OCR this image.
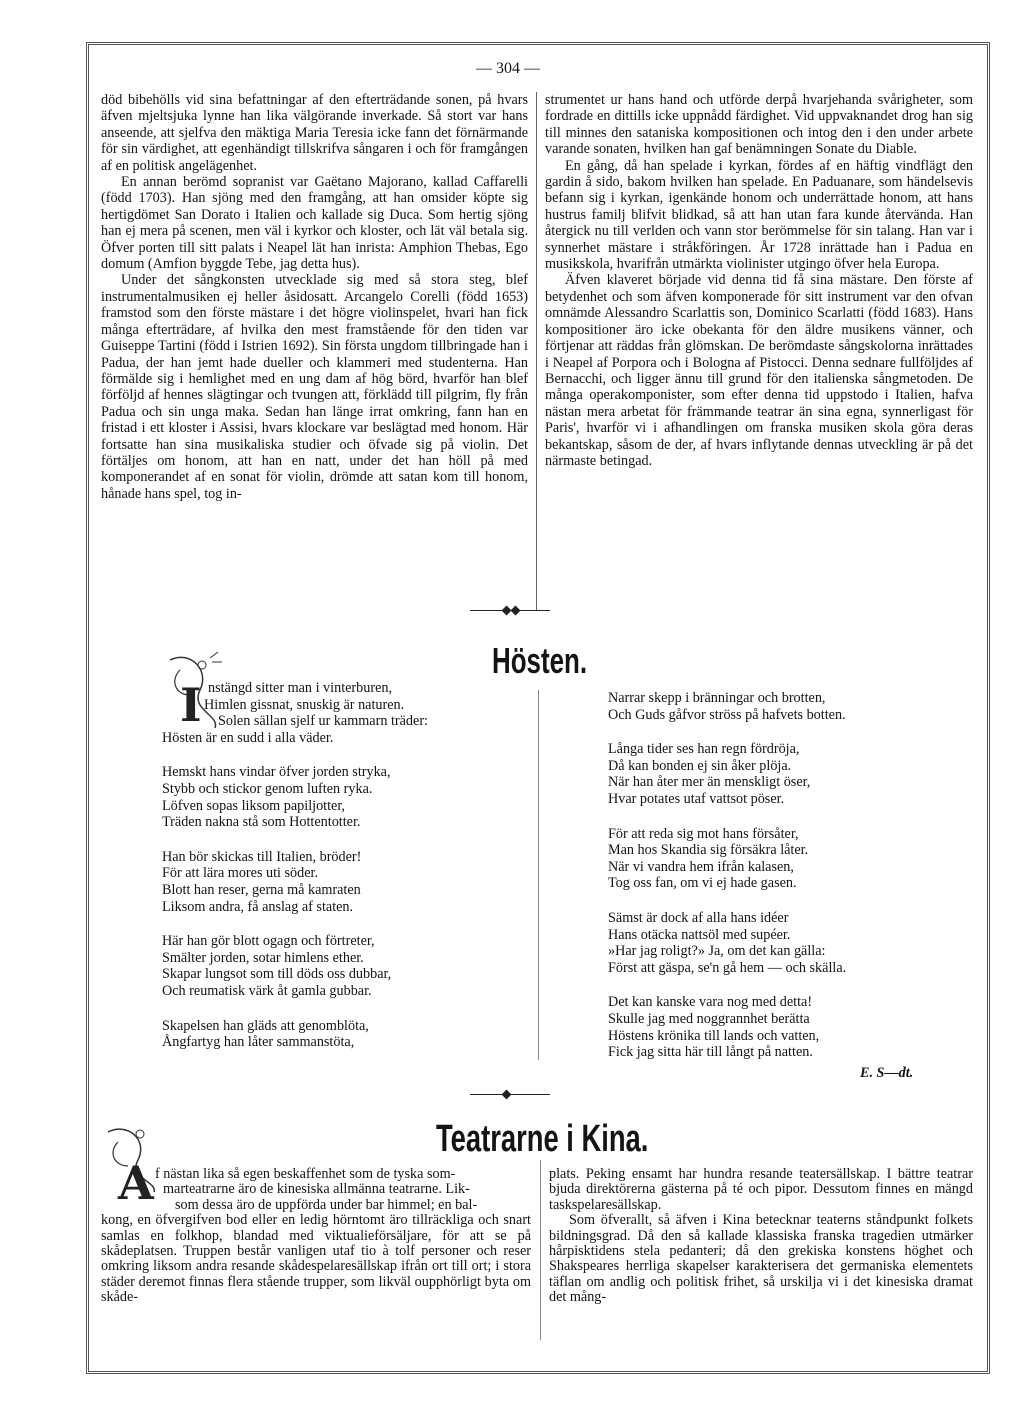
— 304 —

död bibehölls vid sina befattningar af den efterträdande sonen, på hvars äfven mjeltsjuka lynne han lika välgörande inverkade. Så stort var hans anseende, att sjelfva den mäktiga Maria Teresia icke fann det förnärmande för sin värdighet, att egenhändigt tillskrifva sångaren i och för framgången af en politisk angelägenhet.

En annan berömd sopranist var Gaëtano Majorano, kallad Caffarelli (född 1703). Han sjöng med den framgång, att han omsider köpte sig hertigdömet San Dorato i Italien och kallade sig Duca. Som hertig sjöng han ej mera på scenen, men väl i kyrkor och kloster, och lät väl betala sig. Öfver porten till sitt palats i Neapel lät han inrista: Amphion Thebas, Ego domum (Amfion byggde Tebe, jag detta hus).

Under det sångkonsten utvecklade sig med så stora steg, blef instrumentalmusiken ej heller åsidosatt. Arcangelo Corelli (född 1653) framstod som den förste mästare i det högre violinspelet, hvari han fick många efterträdare, af hvilka den mest framstående för den tiden var Guiseppe Tartini (född i Istrien 1692). Sin första ungdom tillbringade han i Padua, der han jemt hade dueller och klammeri med studenterna. Han förmälde sig i hemlighet med en ung dam af hög börd, hvarför han blef förföljd af hennes slägtingar och tvungen att, förklädd till pilgrim, fly från Padua och sin unga maka. Sedan han länge irrat omkring, fann han en fristad i ett kloster i Assisi, hvars klockare var beslägtad med honom. Här fortsatte han sina musikaliska studier och öfvade sig på violin. Det förtäljes om honom, att han en natt, under det han höll på med komponerandet af en sonat för violin, drömde att satan kom till honom, hånade hans spel, tog in-

strumentet ur hans hand och utförde derpå hvarjehanda svårigheter, som fordrade en dittills icke uppnådd färdighet. Vid uppvaknandet drog han sig till minnes den sataniska kompositionen och intog den i den under arbete varande sonaten, hvilken han gaf benämningen Sonate du Diable.

En gång, då han spelade i kyrkan, fördes af en häftig vindflägt den gardin å sido, bakom hvilken han spelade. En Paduanare, som händelsevis befann sig i kyrkan, igenkände honom och underrättade honom, att hans hustrus familj blifvit blidkad, så att han utan fara kunde återvända. Han återgick nu till verlden och vann stor berömmelse för sin talang. Han var i synnerhet mästare i stråkföringen. År 1728 inrättade han i Padua en musikskola, hvarifrån utmärkta violinister utgingo öfver hela Europa.

Äfven klaveret började vid denna tid få sina mästare. Den förste af betydenhet och som äfven komponerade för sitt instrument var den ofvan omnämde Alessandro Scarlattis son, Dominico Scarlatti (född 1683). Hans kompositioner äro icke obekanta för den äldre musikens vänner, och förtjenar att räddas från glömskan. De berömdaste sångskolorna inrättades i Neapel af Porpora och i Bologna af Pistocci. Denna sednare fullföljdes af Bernacchi, och ligger ännu till grund för den italienska sångmetoden. De många operakomponister, som efter denna tid uppstodo i Italien, hafva nästan mera arbetat för främmande teatrar än sina egna, synnerligast för Paris', hvarför vi i afhandlingen om franska musiken skola göra deras bekantskap, såsom de der, af hvars inflytande dennas utveckling är på det närmaste betingad.

Hösten.
I nstängd sitter man i vinterburen,
Himlen gissnat, snuskig är naturen.
Solen sällan sjelf ur kammarn träder:
Hösten är en sudd i alla väder.
Hemskt hans vindar öfver jorden stryka,
Stybb och stickor genom luften ryka.
Löfven sopas liksom papiljotter,
Träden nakna stå som Hottentotter.
Han bör skickas till Italien, bröder!
För att lära mores uti söder.
Blott han reser, gerna må kamraten
Liksom andra, få anslag af staten.
Här han gör blott ogagn och förtreter,
Smälter jorden, sotar himlens ether.
Skapar lungsot som till döds oss dubbar,
Och reumatisk värk åt gamla gubbar.
Skapelsen han gläds att genomblöta,
Ångfartyg han låter sammanstöta,
Narrar skepp i bränningar och brotten,
Och Guds gåfvor ströss på hafvets botten.
Långa tider ses han regn fördröja,
Då kan bonden ej sin åker plöja.
När han åter mer än menskligt öser,
Hvar potates utaf vattsot pöser.
För att reda sig mot hans försåter,
Man hos Skandia sig försäkra låter.
När vi vandra hem ifrån kalasen,
Tog oss fan, om vi ej hade gasen.
Sämst är dock af alla hans idéer
Hans otäcka nattsöl med supéer.
»Har jag roligt?» Ja, om det kan gälla:
Först att gäspa, se'n gå hem — och skälla.
Det kan kanske vara nog med detta!
Skulle jag med noggrannhet berätta
Höstens krönika till lands och vatten,
Fick jag sitta här till långt på natten.
E. S—dt.
Teatrarne i Kina.
A f nästan lika så egen beskaffenhet som de tyska som-
marteatrarne äro de kinesiska allmänna teatrarne. Lik-
som dessa äro de uppförda under bar himmel; en bal-

kong, en öfvergifven bod eller en ledig hörntomt äro tillräckliga och snart samlas en folkhop, blandad med viktualieförsäljare, för att se på skådeplatsen. Truppen består vanligen utaf tio à tolf personer och reser omkring liksom andra resande skådespelaresällskap ifrån ort till ort; i stora städer deremot finnas flera stående trupper, som likväl oupphörligt byta om skåde-

plats. Peking ensamt har hundra resande teatersällskap. I bättre teatrar bjuda direktörerna gästerna på té och pipor. Dessutom finnes en mängd taskspelaresällskap.

Som öfverallt, så äfven i Kina betecknar teaterns ståndpunkt folkets bildningsgrad. Då den så kallade klassiska franska tragedien utmärker hårpisktidens stela pedanteri; då den grekiska konstens höghet och Shakspeares herrliga skapelser karakterisera det germaniska elementets täflan om andlig och politisk frihet, så urskilja vi i det kinesiska dramat det mång-
